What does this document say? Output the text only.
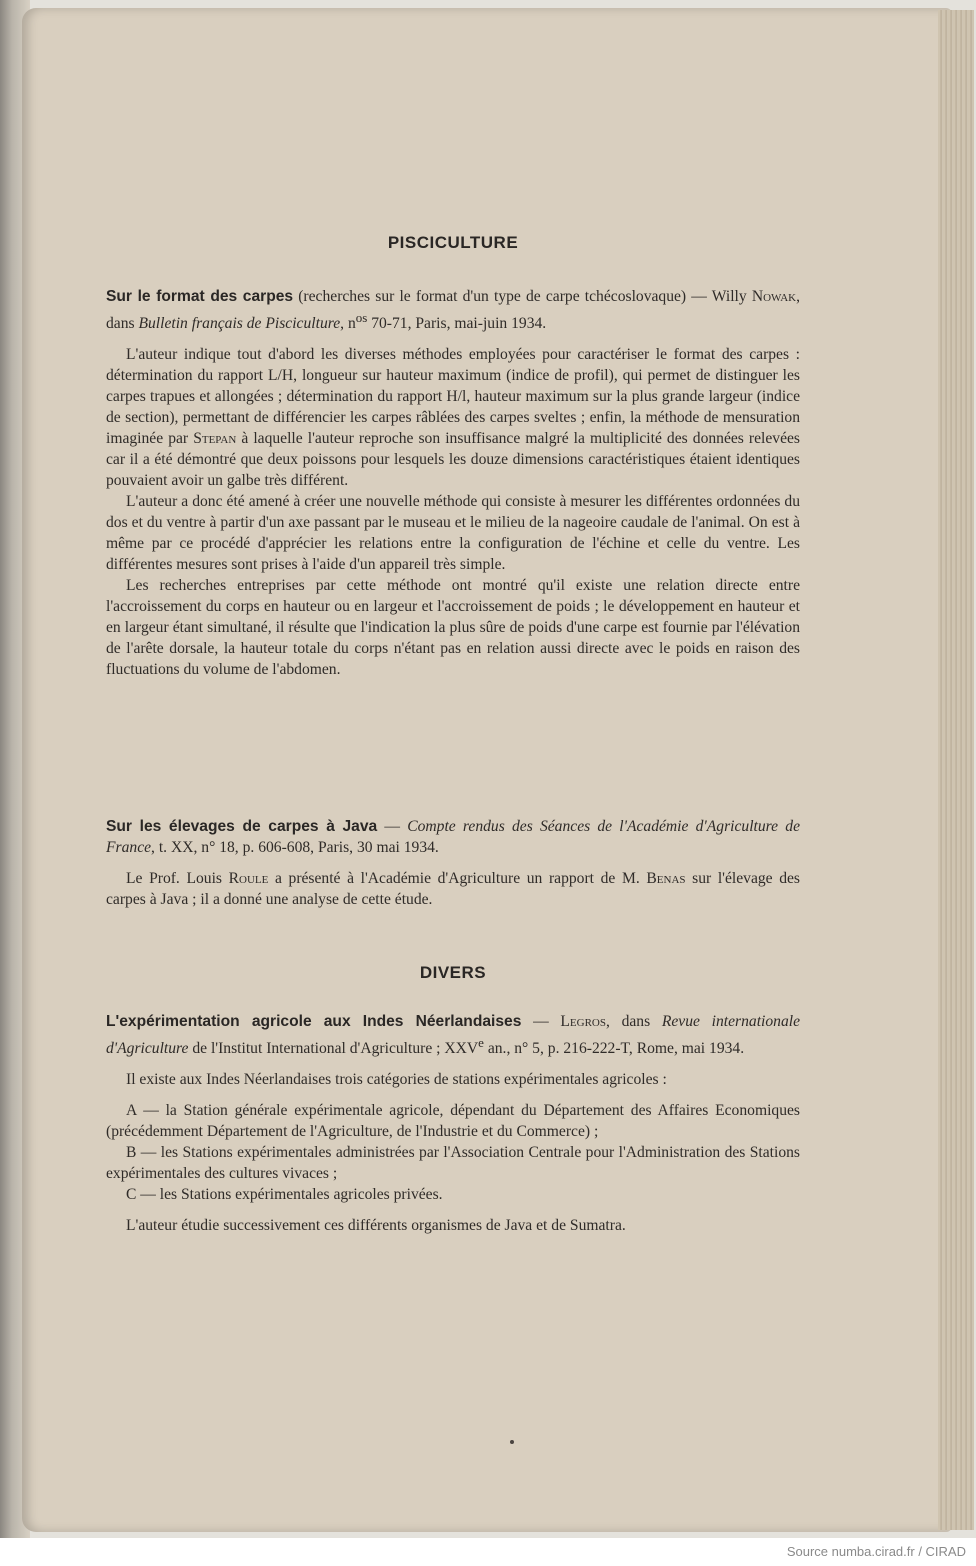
PISCICULTURE

Sur le format des carpes (recherches sur le format d'un type de carpe tchécoslovaque) — Willy Nowak, dans Bulletin français de Pisciculture, $n^{os}$ 70-71, Paris, mai-juin 1934.

L'auteur indique tout d'abord les diverses méthodes employées pour caractériser le format des carpes : détermination du rapport L/H, longueur sur hauteur maximum (indice de profil), qui permet de distinguer les carpes trapues et allongées ; détermination du rapport H/l, hauteur maximum sur la plus grande largeur (indice de section), permettant de différencier les carpes râblées des carpes sveltes ; enfin, la méthode de mensuration imaginée par Stepan à laquelle l'auteur reproche son insuffisance malgré la multiplicité des données relevées car il a été démontré que deux poissons pour lesquels les douze dimensions caractéristiques étaient identiques pouvaient avoir un galbe très différent.

L'auteur a donc été amené à créer une nouvelle méthode qui consiste à mesurer les différentes ordonnées du dos et du ventre à partir d'un axe passant par le museau et le milieu de la nageoire caudale de l'animal. On est à même par ce procédé d'apprécier les relations entre la configuration de l'échine et celle du ventre. Les différentes mesures sont prises à l'aide d'un appareil très simple.

Les recherches entreprises par cette méthode ont montré qu'il existe une relation directe entre l'accroissement du corps en hauteur ou en largeur et l'accroissement de poids ; le développement en hauteur et en largeur étant simultané, il résulte que l'indication la plus sûre de poids d'une carpe est fournie par l'élévation de l'arête dorsale, la hauteur totale du corps n'étant pas en relation aussi directe avec le poids en raison des fluctuations du volume de l'abdomen.

Sur les élevages de carpes à Java — Compte rendus des Séances de l'Académie d'Agriculture de France, t. XX, n° 18, p. 606-608, Paris, 30 mai 1934.

Le Prof. Louis Roule a présenté à l'Académie d'Agriculture un rapport de M. Benas sur l'élevage des carpes à Java ; il a donné une analyse de cette étude.

DIVERS

L'expérimentation agricole aux Indes Néerlandaises — Legros, dans Revue internationale d'Agriculture de l'Institut International d'Agriculture ; XXVe an., n° 5, p. 216-222-T, Rome, mai 1934.

Il existe aux Indes Néerlandaises trois catégories de stations expérimentales agricoles :

A — la Station générale expérimentale agricole, dépendant du Département des Affaires Economiques (précédemment Département de l'Agriculture, de l'Industrie et du Commerce) ;

B — les Stations expérimentales administrées par l'Association Centrale pour l'Administration des Stations expérimentales des cultures vivaces ;

C — les Stations expérimentales agricoles privées.

L'auteur étudie successivement ces différents organismes de Java et de Sumatra.

Source numba.cirad.fr / CIRAD
